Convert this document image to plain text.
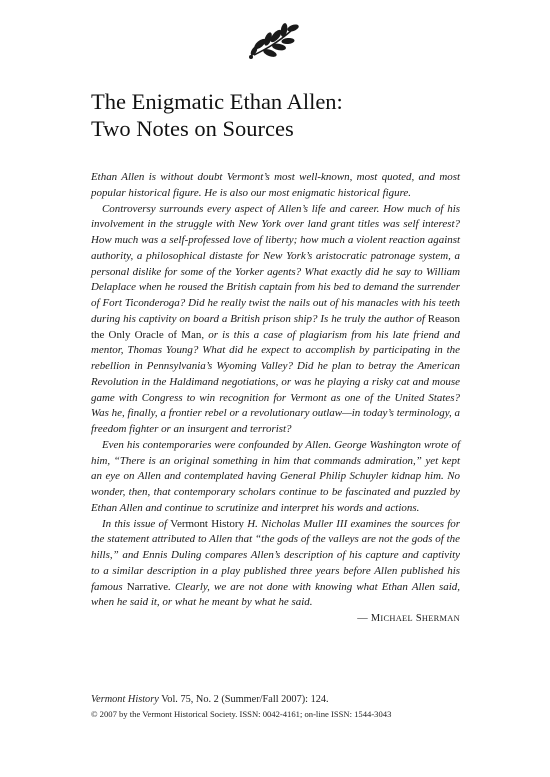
The Enigmatic Ethan Allen:
Two Notes on Sources

Ethan Allen is without doubt Vermont’s most well-known, most quoted, and most popular historical figure. He is also our most enigmatic historical figure.

Controversy surrounds every aspect of Allen’s life and career. How much of his involvement in the struggle with New York over land grant titles was self interest? How much was a self-professed love of liberty; how much a violent reaction against authority, a philosophical distaste for New York’s aristocratic patronage system, a personal dislike for some of the Yorker agents? What exactly did he say to William Delaplace when he roused the British captain from his bed to demand the surrender of Fort Ticonderoga? Did he really twist the nails out of his manacles with his teeth during his captivity on board a British prison ship? Is he truly the author of Reason the Only Oracle of Man, or is this a case of plagiarism from his late friend and mentor, Thomas Young? What did he expect to accomplish by participating in the rebellion in Pennsylvania’s Wyoming Valley? Did he plan to betray the American Revolution in the Haldimand negotiations, or was he playing a risky cat and mouse game with Congress to win recognition for Vermont as one of the United States? Was he, finally, a frontier rebel or a revolutionary outlaw—in today’s terminology, a freedom fighter or an insurgent and terrorist?

Even his contemporaries were confounded by Allen. George Washington wrote of him, “There is an original something in him that commands admiration,” yet kept an eye on Allen and contemplated having General Philip Schuyler kidnap him. No wonder, then, that contemporary scholars continue to be fascinated and puzzled by Ethan Allen and continue to scrutinize and interpret his words and actions.

In this issue of Vermont History H. Nicholas Muller III examines the sources for the statement attributed to Allen that “the gods of the valleys are not the gods of the hills,” and Ennis Duling compares Allen’s description of his capture and captivity to a similar description in a play published three years before Allen published his famous Narrative. Clearly, we are not done with knowing what Ethan Allen said, when he said it, or what he meant by what he said.

— MICHAEL SHERMAN

Vermont History Vol. 75, No. 2 (Summer/Fall 2007): 124.
© 2007 by the Vermont Historical Society. ISSN: 0042-4161; on-line ISSN: 1544-3043
